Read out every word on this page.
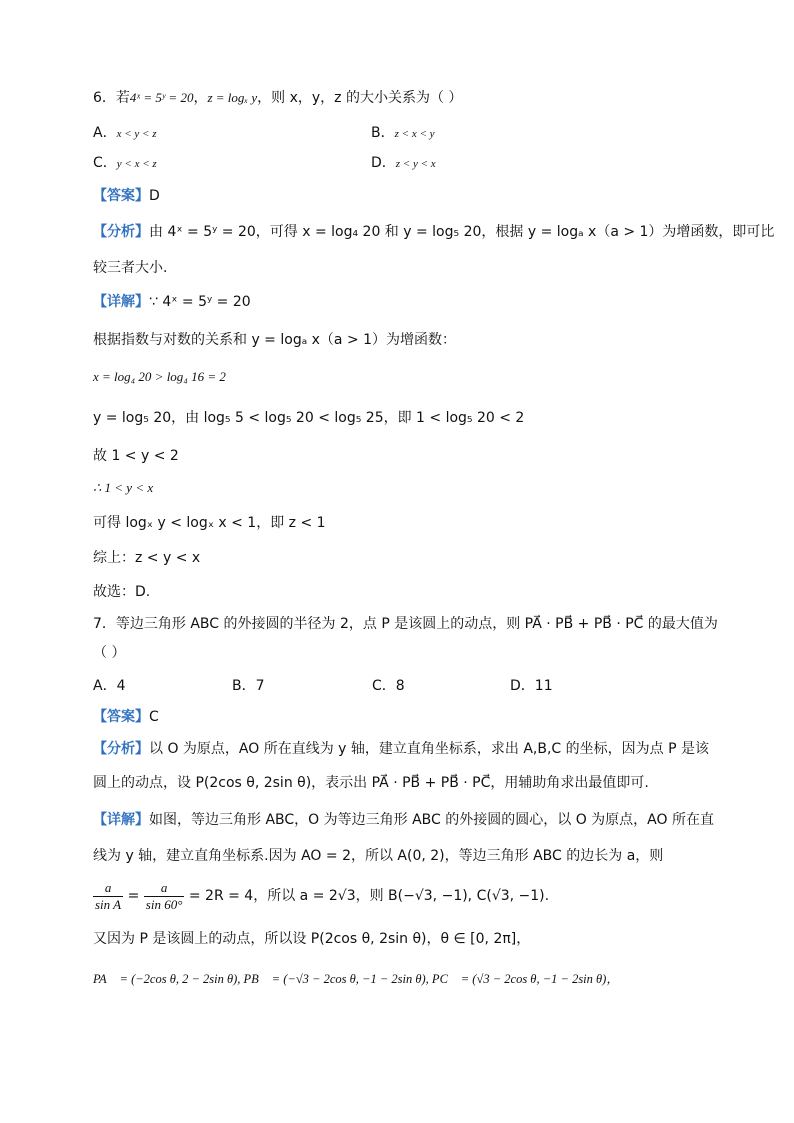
6．若4ˣ = 5ʸ = 20，z = logₓ y，则 x，y，z 的大小关系为（ ）
A．x < y < z	B．z < x < y
C．y < x < z	D．z < y < x
【答案】D
【分析】由 4ˣ = 5ʸ = 20，可得 x = log₄ 20 和 y = log₅ 20，根据 y = logₐ x（a > 1）为增函数，即可比
较三者大小.
【详解】∵ 4ˣ = 5ʸ = 20
根据指数与对数的关系和 y = logₐ x（a > 1）为增函数：
x = log₄ 20 > log₄ 16 = 2
y = log₅ 20，由 log₅ 5 < log₅ 20 < log₅ 25，即 1 < log₅ 20 < 2
故 1 < y < 2
∴ 1 < y < x
可得 logₓ y < logₓ x < 1，即 z < 1
综上：z < y < x
故选：D.
7．等边三角形 ABC 的外接圆的半径为 2，点 P 是该圆上的动点，则 PA⃗ · PB⃗ + PB⃗ · PC⃗ 的最大值为
（ ）
A．4	B．7	C．8	D．11
【答案】C
【分析】以 O 为原点，AO 所在直线为 y 轴，建立直角坐标系，求出 A,B,C 的坐标，因为点 P 是该
圆上的动点，设 P(2cos θ, 2sin θ)，表示出 PA⃗ · PB⃗ + PB⃗ · PC⃗，用辅助角求出最值即可.
【详解】如图，等边三角形 ABC，O 为等边三角形 ABC 的外接圆的圆心，以 O 为原点，AO 所在直
线为 y 轴，建立直角坐标系.因为 AO = 2，所以 A(0, 2)，等边三角形 ABC 的边长为 a，则
$\frac{a}{\text{sin A}} = \frac{a}{\sin 60^\circ} = 2R = 4$，所以 a = 2√3，则 B(−√3, −1), C(√3, −1).
又因为 P 是该圆上的动点，所以设 P(2cos θ, 2sin θ)，θ ∈ [0, 2π]，
PA⃗ = (−2cos θ, 2 − 2sin θ), PB⃗ = (−√3 − 2cos θ, −1 − 2sin θ), PC⃗ = (√3 − 2cos θ, −1 − 2sin θ)，
